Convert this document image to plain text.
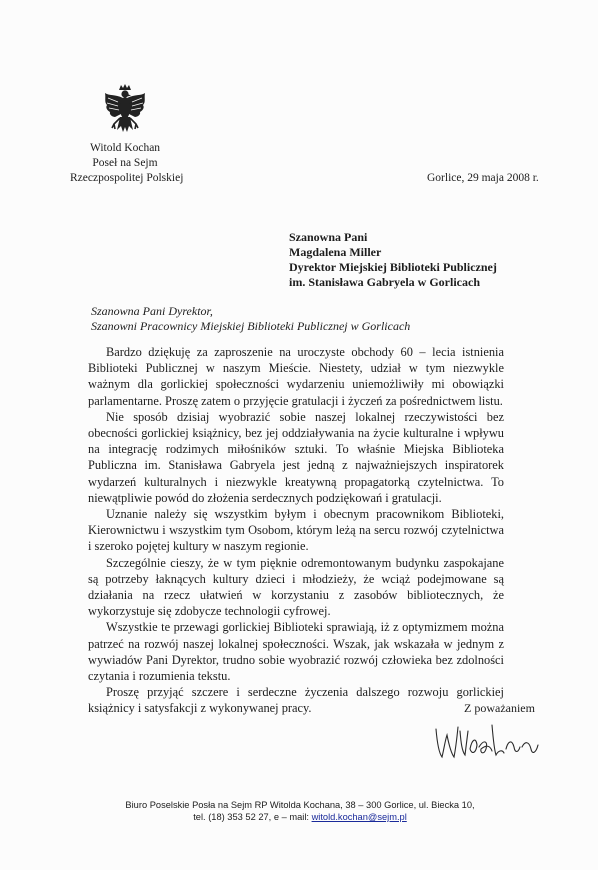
Witold Kochan
Poseł na Sejm
Rzeczpospolitej Polskiej	Gorlice, 29 maja 2008 r.
Szanowna Pani
Magdalena Miller
Dyrektor Miejskiej Biblioteki Publicznej
im. Stanisława Gabryela w Gorlicach
Szanowna Pani Dyrektor,
Szanowni Pracownicy Miejskiej Biblioteki Publicznej w Gorlicach

Bardzo dziękuję za zaproszenie na uroczyste obchody 60 – lecia istnienia Biblioteki Publicznej w naszym Mieście. Niestety, udział w tym niezwykle ważnym dla gorlickiej społeczności wydarzeniu uniemożliwiły mi obowiązki parlamentarne. Proszę zatem o przyjęcie gratulacji i życzeń za pośrednictwem listu.

Nie sposób dzisiaj wyobrazić sobie naszej lokalnej rzeczywistości bez obecności gorlickiej książnicy, bez jej oddziaływania na życie kulturalne i wpływu na integrację rodzimych miłośników sztuki. To właśnie Miejska Biblioteka Publiczna im. Stanisława Gabryela jest jedną z najważniejszych inspiratorek wydarzeń kulturalnych i niezwykle kreatywną propagatorką czytelnictwa. To niewątpliwie powód do złożenia serdecznych podziękowań i gratulacji.

Uznanie należy się wszystkim byłym i obecnym pracownikom Biblioteki, Kierownictwu i wszystkim tym Osobom, którym leżą na sercu rozwój czytelnictwa i szeroko pojętej kultury w naszym regionie.

Szczególnie cieszy, że w tym pięknie odremontowanym budynku zaspokajane są potrzeby łaknących kultury dzieci i młodzieży, że wciąż podejmowane są działania na rzecz ułatwień w korzystaniu z zasobów bibliotecznych, że wykorzystuje się zdobycze technologii cyfrowej.

Wszystkie te przewagi gorlickiej Biblioteki sprawiają, iż z optymizmem można patrzeć na rozwój naszej lokalnej społeczności. Wszak, jak wskazała w jednym z wywiadów Pani Dyrektor, trudno sobie wyobrazić rozwój człowieka bez zdolności czytania i rozumienia tekstu.

Proszę przyjąć szczere i serdeczne życzenia dalszego rozwoju gorlickiej książnicy i satysfakcji z wykonywanej pracy.	Z poważaniem
Biuro Poselskie Posła na Sejm RP Witolda Kochana, 38 – 300 Gorlice, ul. Biecka 10,
tel. (18) 353 52 27, e – mail: witold.kochan@sejm.pl
